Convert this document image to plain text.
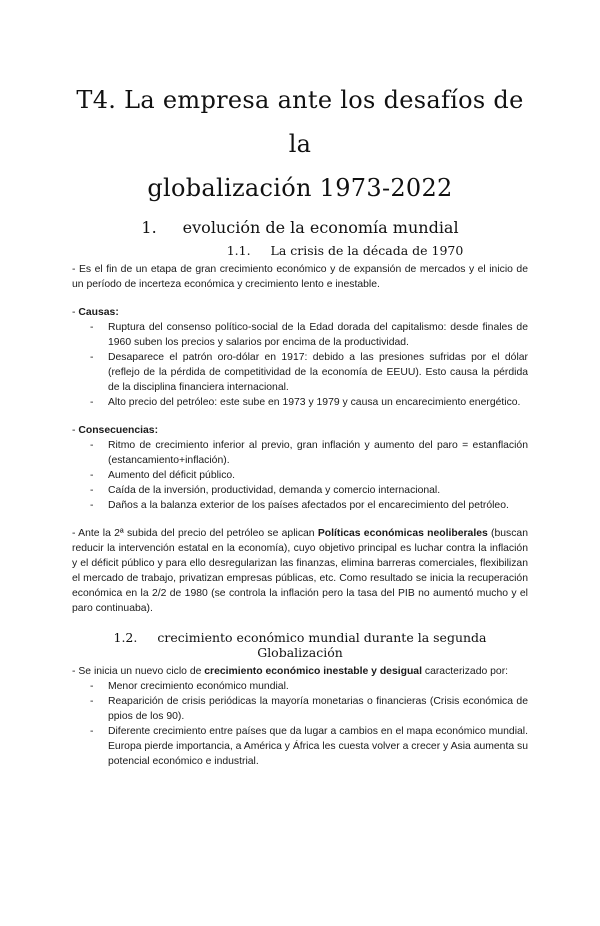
T4. La empresa ante los desafíos de la
globalización 1973-2022
1. evolución de la economía mundial
1.1. La crisis de la década de 1970

- Es el fin de un etapa de gran crecimiento económico y de expansión de mercados y el inicio de un período de incerteza económica y crecimiento lento e inestable.

- Causas:

- Ruptura del consenso político-social de la Edad dorada del capitalismo: desde finales de 1960 suben los precios y salarios por encima de la productividad.
- Desaparece el patrón oro-dólar en 1917: debido a las presiones sufridas por el dólar (reflejo de la pérdida de competitividad de la economía de EEUU). Esto causa la pérdida de la disciplina financiera internacional.
- Alto precio del petróleo: este sube en 1973 y 1979 y causa un encarecimiento energético.

- Consecuencias:

- Ritmo de crecimiento inferior al previo, gran inflación y aumento del paro = estanflación (estancamiento+inflación).
- Aumento del déficit público.
- Caída de la inversión, productividad, demanda y comercio internacional.
- Daños a la balanza exterior de los países afectados por el encarecimiento del petróleo.

- Ante la 2ª subida del precio del petróleo se aplican Políticas económicas neoliberales (buscan reducir la intervención estatal en la economía), cuyo objetivo principal es luchar contra la inflación y el déficit público y para ello desregularizan las finanzas, elimina barreras comerciales, flexibilizan el mercado de trabajo, privatizan empresas públicas, etc. Como resultado se inicia la recuperación económica en la 2/2 de 1980 (se controla la inflación pero la tasa del PIB no aumentó mucho y el paro continuaba).

1.2. crecimiento económico mundial durante la segunda Globalización

- Se inicia un nuevo ciclo de crecimiento económico inestable y desigual caracterizado por:

- Menor crecimiento económico mundial.
- Reaparición de crisis periódicas la mayoría monetarias o financieras (Crisis económica de ppios de los 90).
- Diferente crecimiento entre países que da lugar a cambios en el mapa económico mundial. Europa pierde importancia, a América y África les cuesta volver a crecer y Asia aumenta su potencial económico e industrial.
